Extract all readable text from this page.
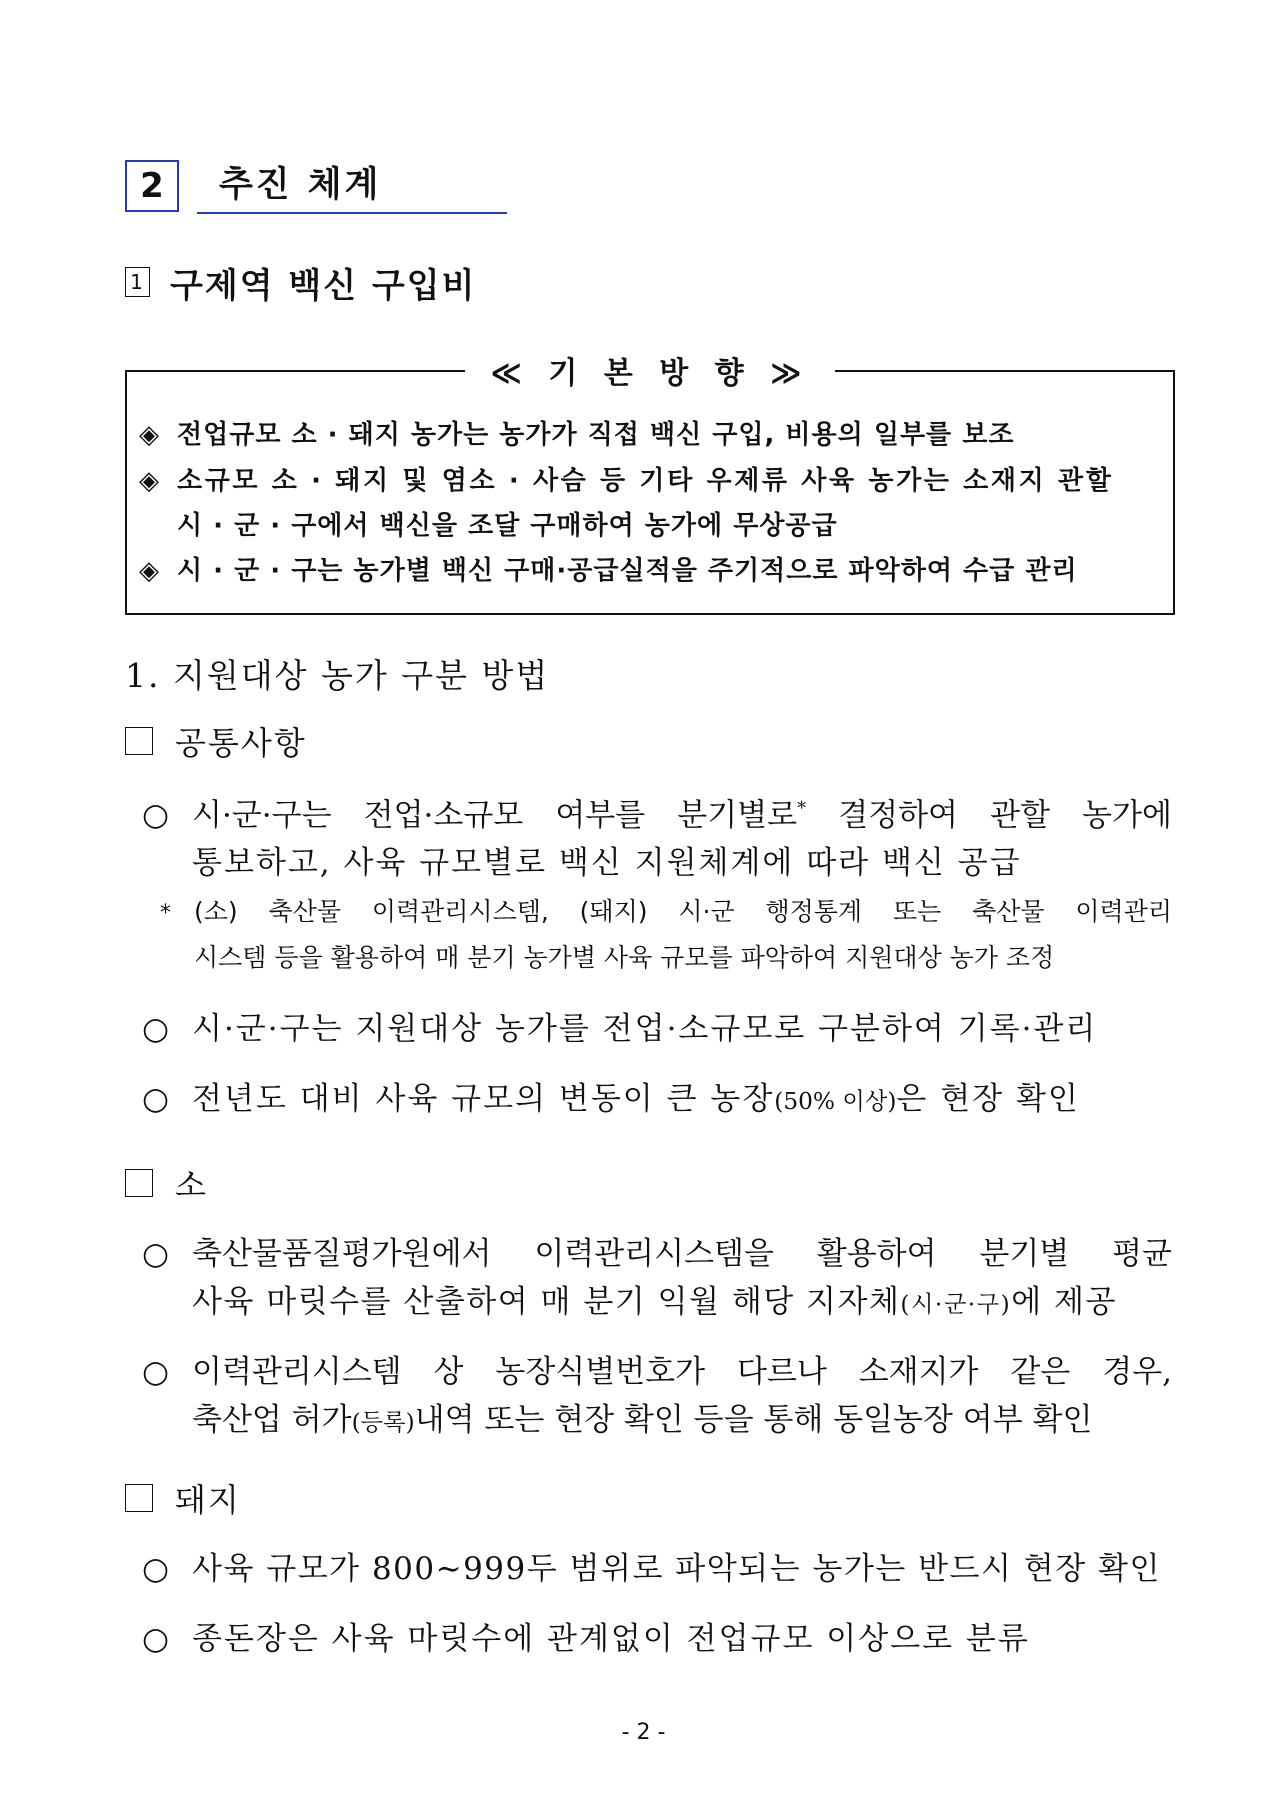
2	추진 체계
1 구제역 백신 구입비
◈ 전업규모 소 · 돼지 농가는 농가가 직접 백신 구입, 비용의 일부를 보조
◈ 소규모 소 · 돼지 및 염소 · 사슴 등 기타 우제류 사육 농가는 소재지 관할
시 · 군 · 구에서 백신을 조달 구매하여 농가에 무상공급
◈ 시 · 군 · 구는 농가별 백신 구매·공급실적을 주기적으로 파악하여 수급 관리
≪ 기 본 방 향 ≫
1. 지원대상 농가 구분 방법
공통사항
○ 시·군·구는 전업·소규모 여부를 분기별로* 결정하여 관할 농가에
통보하고, 사육 규모별로 백신 지원체계에 따라 백신 공급
* (소) 축산물 이력관리시스템, (돼지) 시·군 행정통계 또는 축산물 이력관리
시스템 등을 활용하여 매 분기 농가별 사육 규모를 파악하여 지원대상 농가 조정
○ 시·군·구는 지원대상 농가를 전업·소규모로 구분하여 기록·관리
○ 전년도 대비 사육 규모의 변동이 큰 농장(50% 이상)은 현장 확인
소
○ 축산물품질평가원에서 이력관리시스템을 활용하여 분기별 평균
사육 마릿수를 산출하여 매 분기 익월 해당 지자체(시·군·구)에 제공
○ 이력관리시스템 상 농장식별번호가 다르나 소재지가 같은 경우,
축산업 허가(등록)내역 또는 현장 확인 등을 통해 동일농장 여부 확인
돼지
○ 사육 규모가 800∼999두 범위로 파악되는 농가는 반드시 현장 확인
○ 종돈장은 사육 마릿수에 관계없이 전업규모 이상으로 분류
- 2 -
